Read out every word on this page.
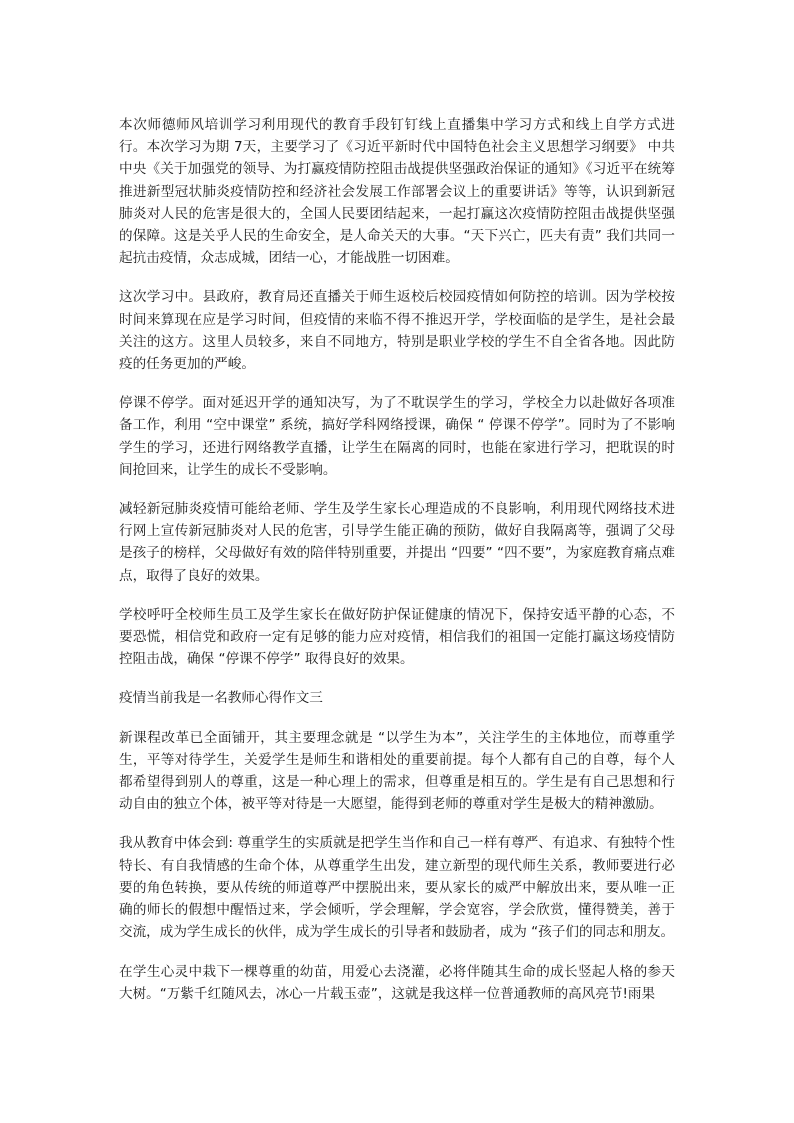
本次师德师风培训学习利用现代的教育手段钉钉线上直播集中学习方式和线上自学方式进行。本次学习为期 7天，主要学习了《习近平新时代中国特色社会主义思想学习纲要》 中共中央《关于加强党的领导、为打赢疫情防控阻击战提供坚强政治保证的通知》《习近平在统筹推进新型冠状肺炎疫情防控和经济社会发展工作部署会议上的重要讲话》等等，认识到新冠肺炎对人民的危害是很大的，全国人民要团结起来，一起打赢这次疫情防控阻击战提供坚强的保障。这是关乎人民的生命安全，是人命关天的大事。“天下兴亡，匹夫有责” 我们共同一起抗击疫情，众志成城，团结一心，才能战胜一切困难。

这次学习中。县政府，教育局还直播关于师生返校后校园疫情如何防控的培训。因为学校按时间来算现在应是学习时间，但疫情的来临不得不推迟开学，学校面临的是学生，是社会最关注的这方。这里人员较多，来自不同地方，特别是职业学校的学生不自全省各地。因此防疫的任务更加的严峻。

停课不停学。面对延迟开学的通知决写，为了不耽误学生的学习，学校全力以赴做好各项准备工作，利用 “空中课堂” 系统，搞好学科网络授课，确保 “ 停课不停学”。同时为了不影响学生的学习，还进行网络教学直播，让学生在隔离的同时，也能在家进行学习，把耽误的时间抢回来，让学生的成长不受影响。

减轻新冠肺炎疫情可能给老师、学生及学生家长心理造成的不良影响，利用现代网络技术进行网上宣传新冠肺炎对人民的危害，引导学生能正确的预防，做好自我隔离等，强调了父母是孩子的榜样，父母做好有效的陪伴特别重要，并提出 “四要” “四不要”，为家庭教育痛点难点，取得了良好的效果。

学校呼吁全校师生员工及学生家长在做好防护保证健康的情况下，保持安适平静的心态，不要恐慌，相信党和政府一定有足够的能力应对疫情，相信我们的祖国一定能打赢这场疫情防控阻击战，确保 “停课不停学” 取得良好的效果。

疫情当前我是一名教师心得作文三

新课程改革已全面铺开，其主要理念就是 “以学生为本”，关注学生的主体地位，而尊重学生，平等对待学生，关爱学生是师生和谐相处的重要前提。每个人都有自己的自尊，每个人都希望得到别人的尊重，这是一种心理上的需求，但尊重是相互的。学生是有自己思想和行动自由的独立个体，被平等对待是一大愿望，能得到老师的尊重对学生是极大的精神激励。

我从教育中体会到: 尊重学生的实质就是把学生当作和自己一样有尊严、有追求、有独特个性特长、有自我情感的生命个体，从尊重学生出发，建立新型的现代师生关系，教师要进行必要的角色转换，要从传统的师道尊严中摆脱出来，要从家长的威严中解放出来，要从唯一正确的师长的假想中醒悟过来，学会倾听，学会理解，学会宽容，学会欣赏，懂得赞美，善于交流，成为学生成长的伙伴，成为学生成长的引导者和鼓励者，成为 “孩子们的同志和朋友。

在学生心灵中栽下一棵尊重的幼苗，用爱心去浇灌，必将伴随其生命的成长竖起人格的参天大树。“万紫千红随风去，冰心一片载玉壶”，这就是我这样一位普通教师的高风亮节!雨果
